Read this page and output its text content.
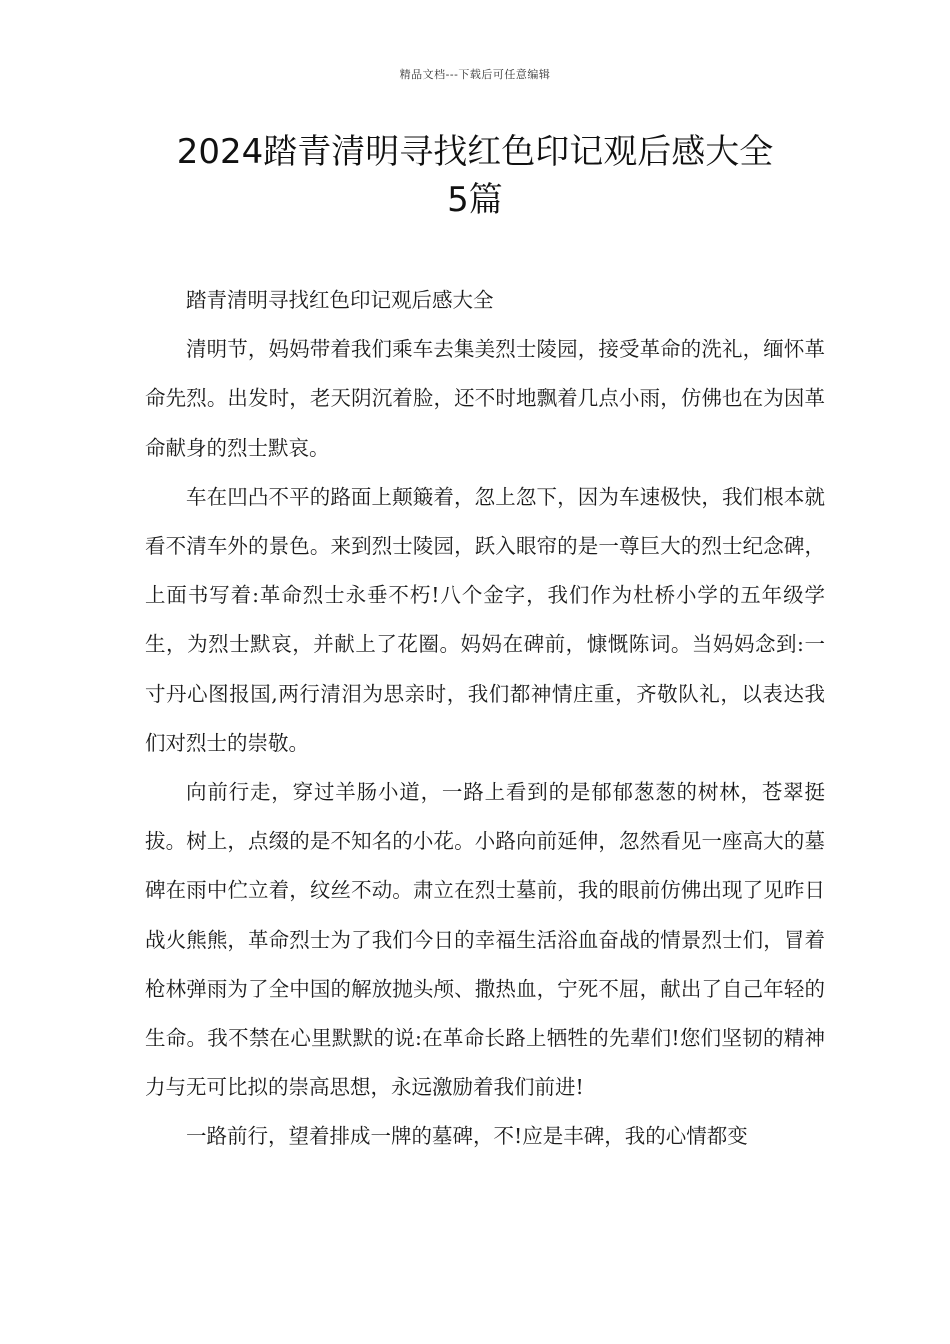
精品文档---下载后可任意编辑
2024踏青清明寻找红色印记观后感大全
5篇

踏青清明寻找红色印记观后感大全

清明节，妈妈带着我们乘车去集美烈士陵园，接受革命的洗礼，缅怀革命先烈。出发时，老天阴沉着脸，还不时地飘着几点小雨，仿佛也在为因革命献身的烈士默哀。

车在凹凸不平的路面上颠簸着，忽上忽下，因为车速极快，我们根本就看不清车外的景色。来到烈士陵园，跃入眼帘的是一尊巨大的烈士纪念碑，上面书写着:革命烈士永垂不朽!八个金字，我们作为杜桥小学的五年级学生，为烈士默哀，并献上了花圈。妈妈在碑前，慷慨陈词。当妈妈念到:一寸丹心图报国,两行清泪为思亲时，我们都神情庄重，齐敬队礼，以表达我们对烈士的崇敬。

向前行走，穿过羊肠小道，一路上看到的是郁郁葱葱的树林，苍翠挺拔。树上，点缀的是不知名的小花。小路向前延伸，忽然看见一座高大的墓碑在雨中伫立着，纹丝不动。肃立在烈士墓前，我的眼前仿佛出现了见昨日战火熊熊，革命烈士为了我们今日的幸福生活浴血奋战的情景烈士们，冒着枪林弹雨为了全中国的解放抛头颅、撒热血，宁死不屈，献出了自己年轻的生命。我不禁在心里默默的说:在革命长路上牺牲的先辈们!您们坚韧的精神力与无可比拟的崇高思想，永远激励着我们前进!

一路前行，望着排成一牌的墓碑，不!应是丰碑，我的心情都变
